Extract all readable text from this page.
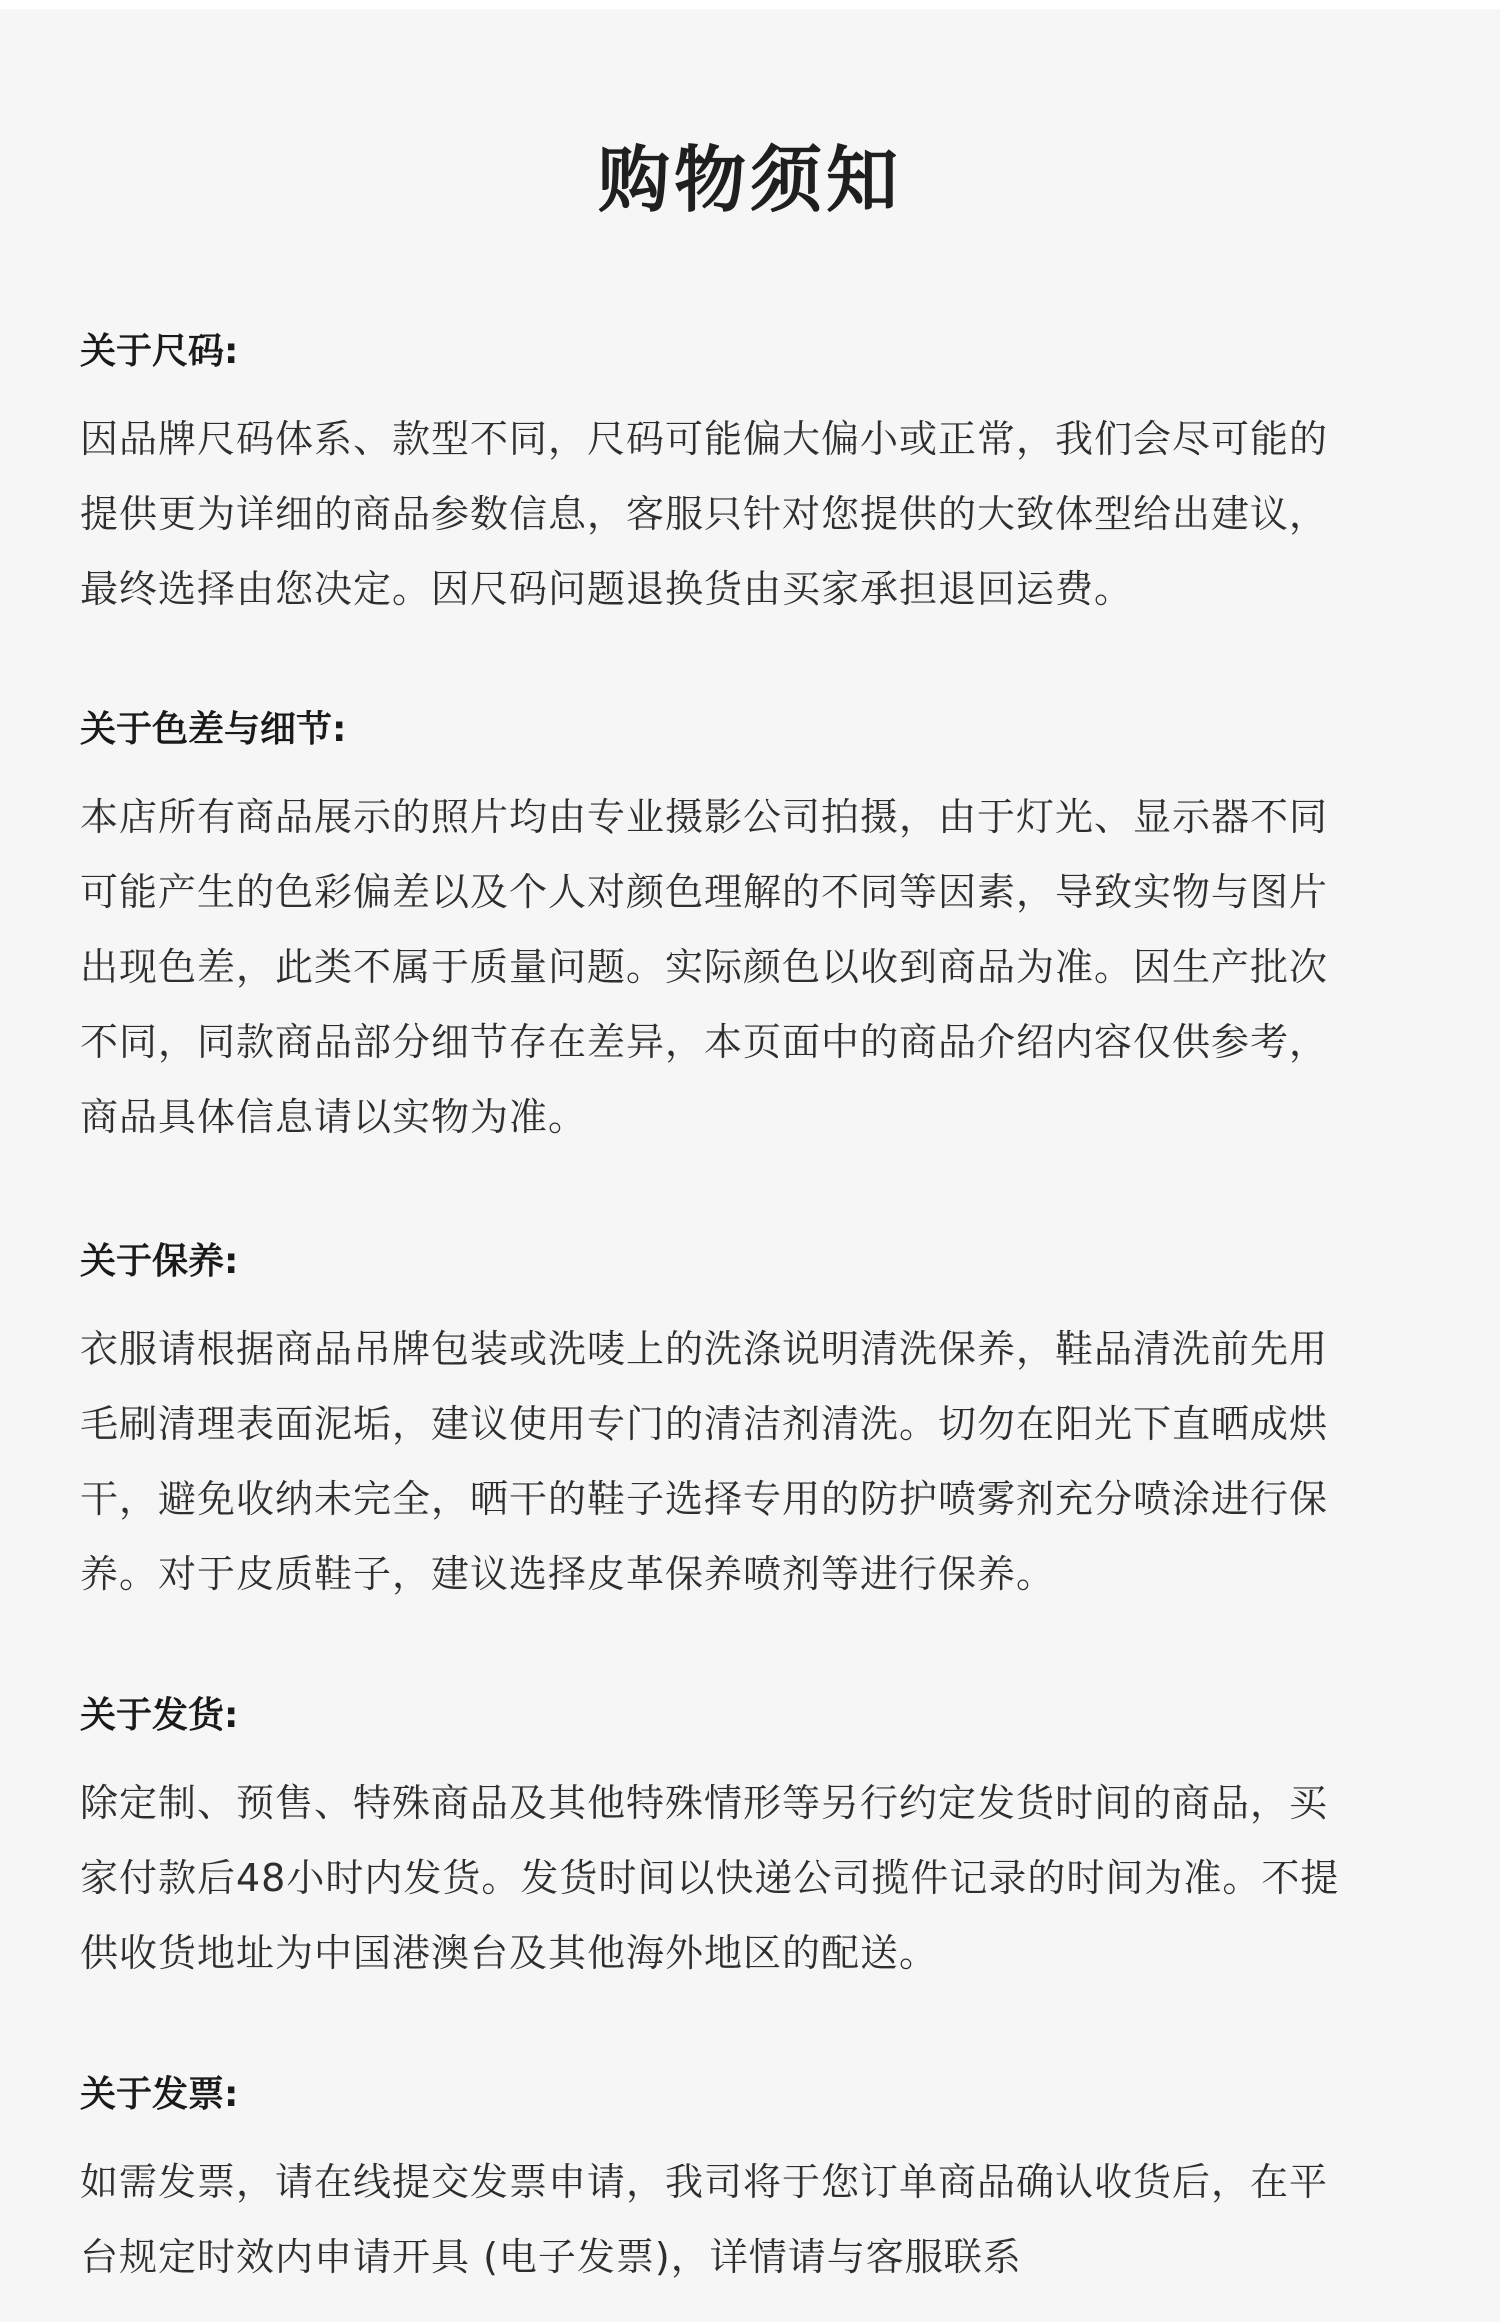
购物须知
关于尺码:
因品牌尺码体系、款型不同，尺码可能偏大偏小或正常，我们会尽可能的
提供更为详细的商品参数信息，客服只针对您提供的大致体型给出建议，
最终选择由您决定。因尺码问题退换货由买家承担退回运费。
关于色差与细节:
本店所有商品展示的照片均由专业摄影公司拍摄，由于灯光、显示器不同
可能产生的色彩偏差以及个人对颜色理解的不同等因素，导致实物与图片
出现色差，此类不属于质量问题。实际颜色以收到商品为准。因生产批次
不同，同款商品部分细节存在差异，本页面中的商品介绍内容仅供参考，
商品具体信息请以实物为准。
关于保养:
衣服请根据商品吊牌包装或洗唛上的洗涤说明清洗保养，鞋品清洗前先用
毛刷清理表面泥垢，建议使用专门的清洁剂清洗。切勿在阳光下直晒成烘
干，避免收纳未完全，晒干的鞋子选择专用的防护喷雾剂充分喷涂进行保
养。对于皮质鞋子，建议选择皮革保养喷剂等进行保养。
关于发货:
除定制、预售、特殊商品及其他特殊情形等另行约定发货时间的商品，买
家付款后48小时内发货。发货时间以快递公司揽件记录的时间为准。不提
供收货地址为中国港澳台及其他海外地区的配送。
关于发票:
如需发票，请在线提交发票申请，我司将于您订单商品确认收货后，在平
台规定时效内申请开具 (电子发票)，详情请与客服联系
